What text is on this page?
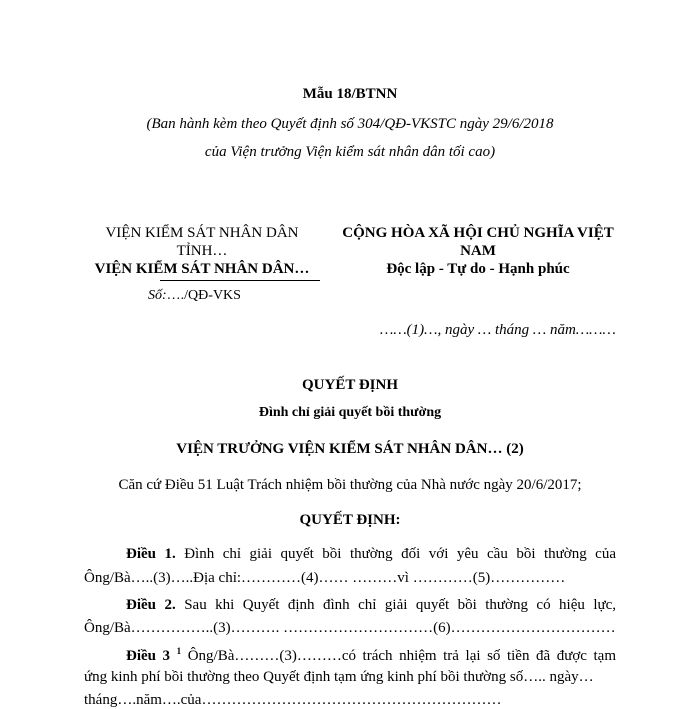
Mẫu 18/BTNN
(Ban hành kèm theo Quyết định số 304/QĐ-VKSTC ngày 29/6/2018
của Viện trưởng Viện kiểm sát nhân dân tối cao)
VIỆN KIỂM SÁT NHÂN DÂN
TỈNH…
VIỆN KIỂM SÁT NHÂN DÂN…
Số:…./QĐ-VKS
CỘNG HÒA XÃ HỘI CHỦ NGHĨA VIỆT
NAM
Độc lập - Tự do - Hạnh phúc
……(1)…, ngày … tháng … năm………
QUYẾT ĐỊNH
Đình chỉ giải quyết bồi thường
VIỆN TRƯỞNG VIỆN KIỂM SÁT NHÂN DÂN… (2)
Căn cứ Điều 51 Luật Trách nhiệm bồi thường của Nhà nước ngày 20/6/2017;
QUYẾT ĐỊNH:
Điều 1. Đình chỉ giải quyết bồi thường đối với yêu cầu bồi thường của
Ông/Bà…..(3)…..Địa chỉ:…………(4)…… ………vì …………(5)……………
Điều 2. Sau khi Quyết định đình chỉ giải quyết bồi thường có hiệu lực,
Ông/Bà……………..(3)………. …………………………(6)……………………………
Điều 3 $^1$ Ông/Bà………(3)………có trách nhiệm trả lại số tiền đã được tạm
ứng kinh phí bồi thường theo Quyết định tạm ứng kinh phí bồi thường số….. ngày…
tháng….năm….của……………………………………………………
